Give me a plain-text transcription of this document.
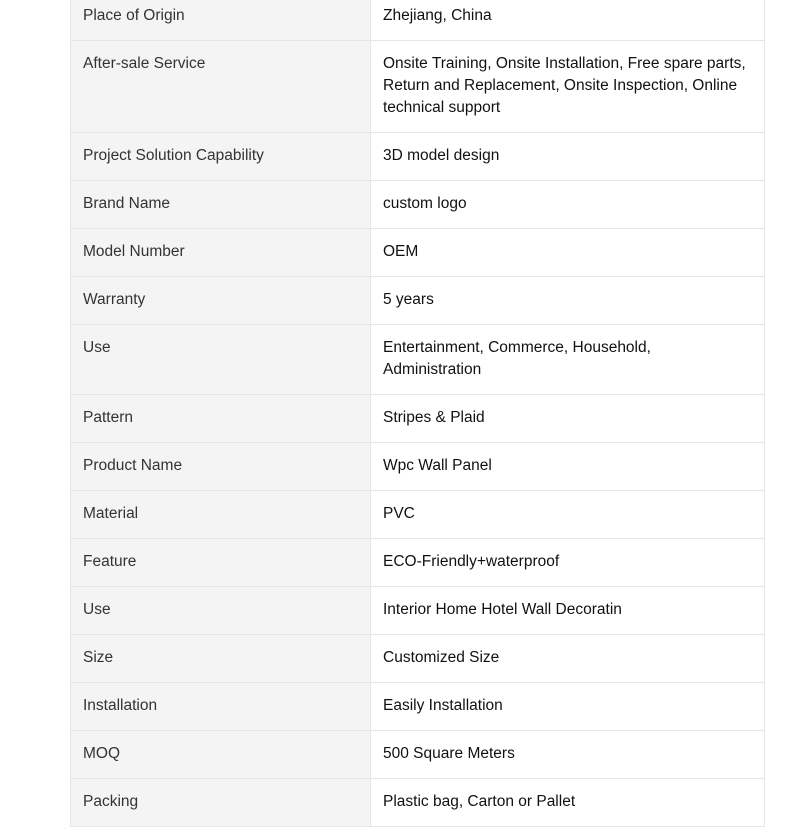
Place of Origin	Zhejiang, China
After-sale Service	Onsite Training, Onsite Installation, Free spare parts, Return and Replacement, Onsite Inspection, Online technical support
Project Solution Capability	3D model design
Brand Name	custom logo
Model Number	OEM
Warranty	5 years
Use	Entertainment, Commerce, Household, Administration
Pattern	Stripes & Plaid
Product Name	Wpc Wall Panel
Material	PVC
Feature	ECO-Friendly+waterproof
Use	Interior Home Hotel Wall Decoratin
Size	Customized Size
Installation	Easily Installation
MOQ	500 Square Meters
Packing	Plastic bag, Carton or Pallet
